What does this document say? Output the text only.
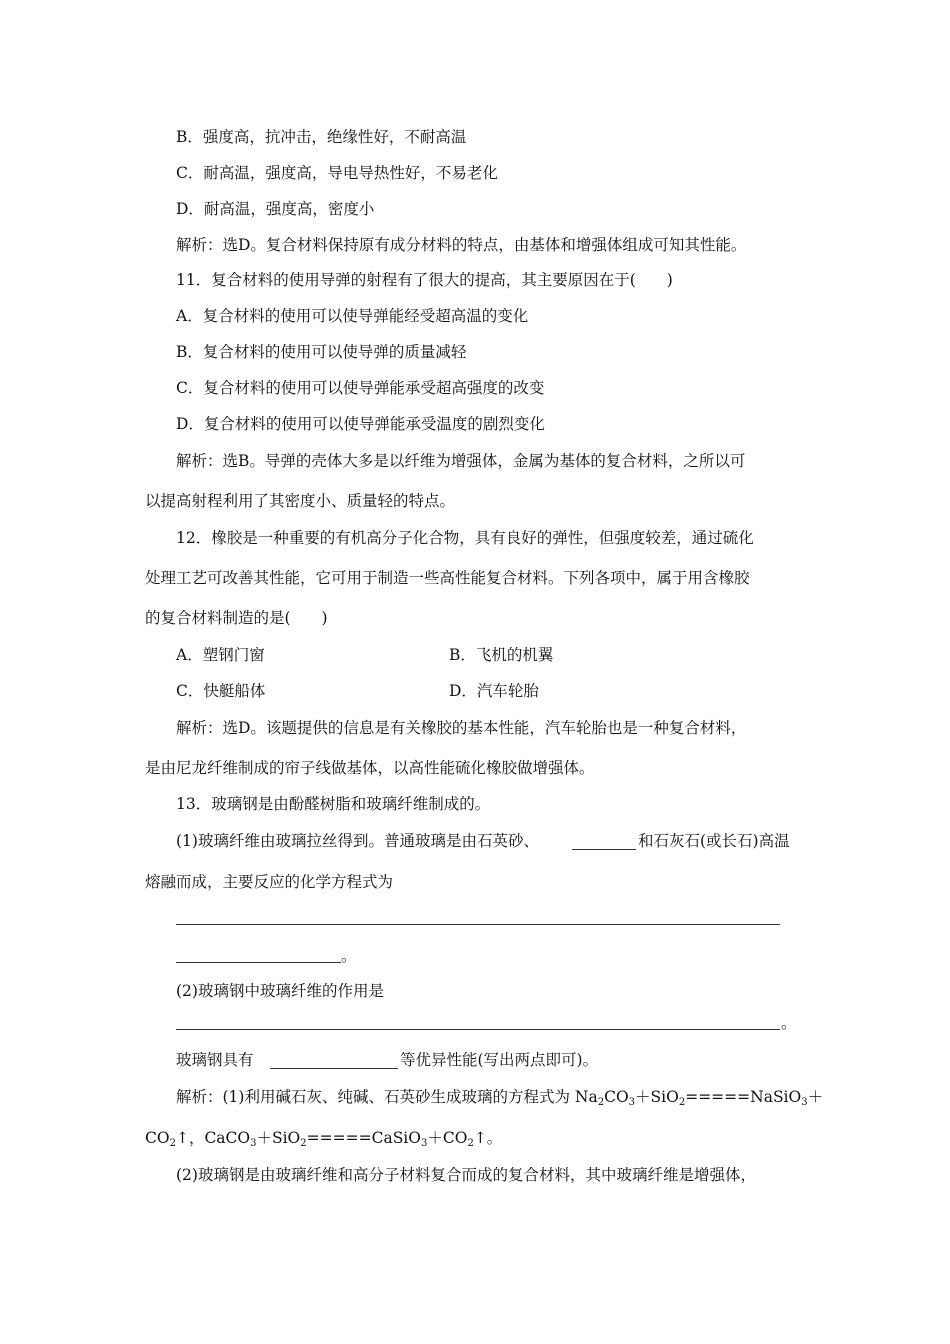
B．强度高，抗冲击，绝缘性好，不耐高温
C．耐高温，强度高，导电导热性好，不易老化
D．耐高温，强度高，密度小
解析：选D。复合材料保持原有成分材料的特点，由基体和增强体组成可知其性能。
11．复合材料的使用导弹的射程有了很大的提高，其主要原因在于(　　)
A．复合材料的使用可以使导弹能经受超高温的变化
B．复合材料的使用可以使导弹的质量减轻
C．复合材料的使用可以使导弹能承受超高强度的改变
D．复合材料的使用可以使导弹能承受温度的剧烈变化
解析：选B。导弹的壳体大多是以纤维为增强体，金属为基体的复合材料，之所以可
以提高射程利用了其密度小、质量轻的特点。
12．橡胶是一种重要的有机高分子化合物，具有良好的弹性，但强度较差，通过硫化
处理工艺可改善其性能，它可用于制造一些高性能复合材料。下列各项中，属于用含橡胶
的复合材料制造的是(　　)
A．塑钢门窗	B．飞机的机翼
C．快艇船体	D．汽车轮胎
解析：选D。该题提供的信息是有关橡胶的基本性能，汽车轮胎也是一种复合材料，
是由尼龙纤维制成的帘子线做基体，以高性能硫化橡胶做增强体。
13．玻璃钢是由酚醛树脂和玻璃纤维制成的。
(1)玻璃纤维由玻璃拉丝得到。普通玻璃是由石英砂、	和石灰石(或长石)高温
熔融而成，主要反应的化学方程式为
。
(2)玻璃钢中玻璃纤维的作用是
。
玻璃钢具有	等优异性能(写出两点即可)。
解析：(1)利用碱石灰、纯碱、石英砂生成玻璃的方程式为 $Na_2CO_3+SiO_2=====NaSiO_3+$
$CO_2↑$，$CaCO_3+SiO_2=====CaSiO_3+CO_2↑$。
(2)玻璃钢是由玻璃纤维和高分子材料复合而成的复合材料，其中玻璃纤维是增强体，
